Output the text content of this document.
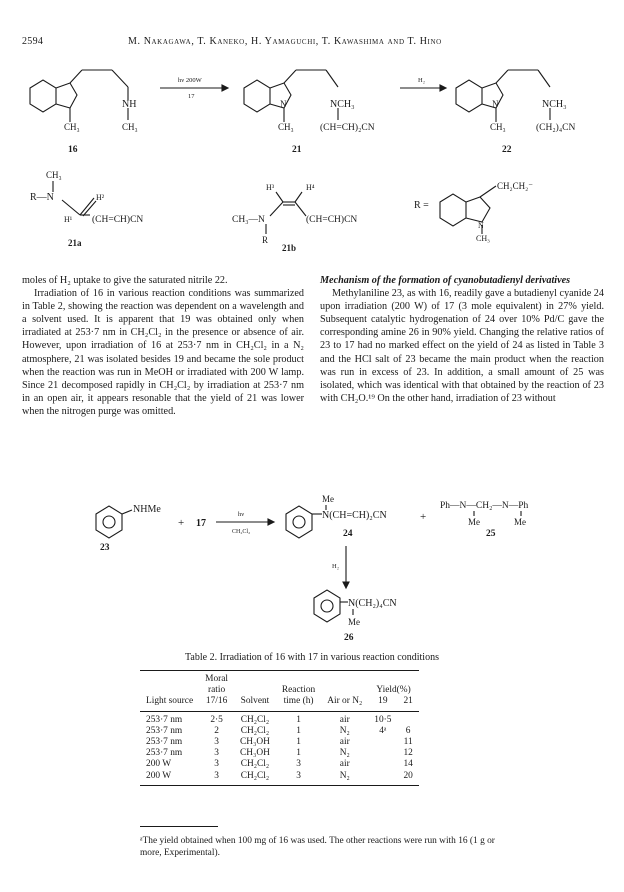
2594	M. Nakagawa, T. Kaneko, H. Yamaguchi, T. Kawashima and T. Hino
NH
CH₃	CH₃
16
hν 200W
17
N	NCH₃
CH₃	(CH=CH)₂CN
21
H₂
N	NCH₃
CH₃	(CH₂)₄CN
22
CH₃
R—N	H²
H¹ (CH=CH)CN
21a
H³	H⁴
CH₃—N	(CH=CH)CN
R
21b
R =
CH₂CH₂⁻
N
CH₃

moles of H₂ uptake to give the saturated nitrile 22.

Irradiation of 16 in various reaction conditions was summarized in Table 2, showing the reaction was dependent on a wavelength and a solvent used. It is apparent that 19 was obtained only when irradiated at 253·7 nm in CH₂Cl₂ in the presence or absence of air. However, upon irradiation of 16 at 253·7 nm in CH₂Cl₂ in a N₂ atmosphere, 21 was isolated besides 19 and became the sole product when the reaction was run in MeOH or irradiated with 200 W lamp. Since 21 decomposed rapidly in CH₂Cl₂ by irradiation at 253·7 nm in an open air, it appears resonable that the yield of 21 was lower when the nitrogen purge was omitted.

Mechanism of the formation of cyanobutadienyl derivatives

Methylaniline 23, as with 16, readily gave a butadienyl cyanide 24 upon irradiation (200 W) of 17 (3 mole equivalent) in 27% yield. Subsequent catalytic hydrogenation of 24 over 10% Pd/C gave the corresponding amine 26 in 90% yield. Changing the relative ratios of 23 to 17 had no marked effect on the yield of 24 as listed in Table 3 and the HCl salt of 23 became the main product when the reaction was run in excess of 23. In addition, a small amount of 25 was isolated, which was identical with that obtained by the reaction of 23 with CH₂O.¹⁹ On the other hand, irradiation of 23 without

NHMe
+ 17
23
hν
CH₂Cl₂
Me
N(CH=CH)₂CN	+
24
Ph—N—CH₂—N—Ph
Me	Me
25
H₂
N(CH₂)₄CN
Me
26
Table 2. Irradiation of 16 with 17 in various reaction conditions
	Moral					
	ratio		Reaction		Yield(%)	
Light source	17/16	Solvent	time (h)	Air or N₂	19	21
253·7 nm	2·5	CH₂Cl₂	1	air	10·5	
253·7 nm	2	CH₂Cl₂	1	N₂	4ᵃ	6
253·7 nm	3	CH₃OH	1	air		11
253·7 nm	3	CH₃OH	1	N₂		12
200 W	3	CH₂Cl₂	3	air		14
200 W	3	CH₂Cl₂	3	N₂		20
ᵃThe yield obtained when 100 mg of 16 was used. The other reactions were run with 16 (1 g or more, Experimental).
